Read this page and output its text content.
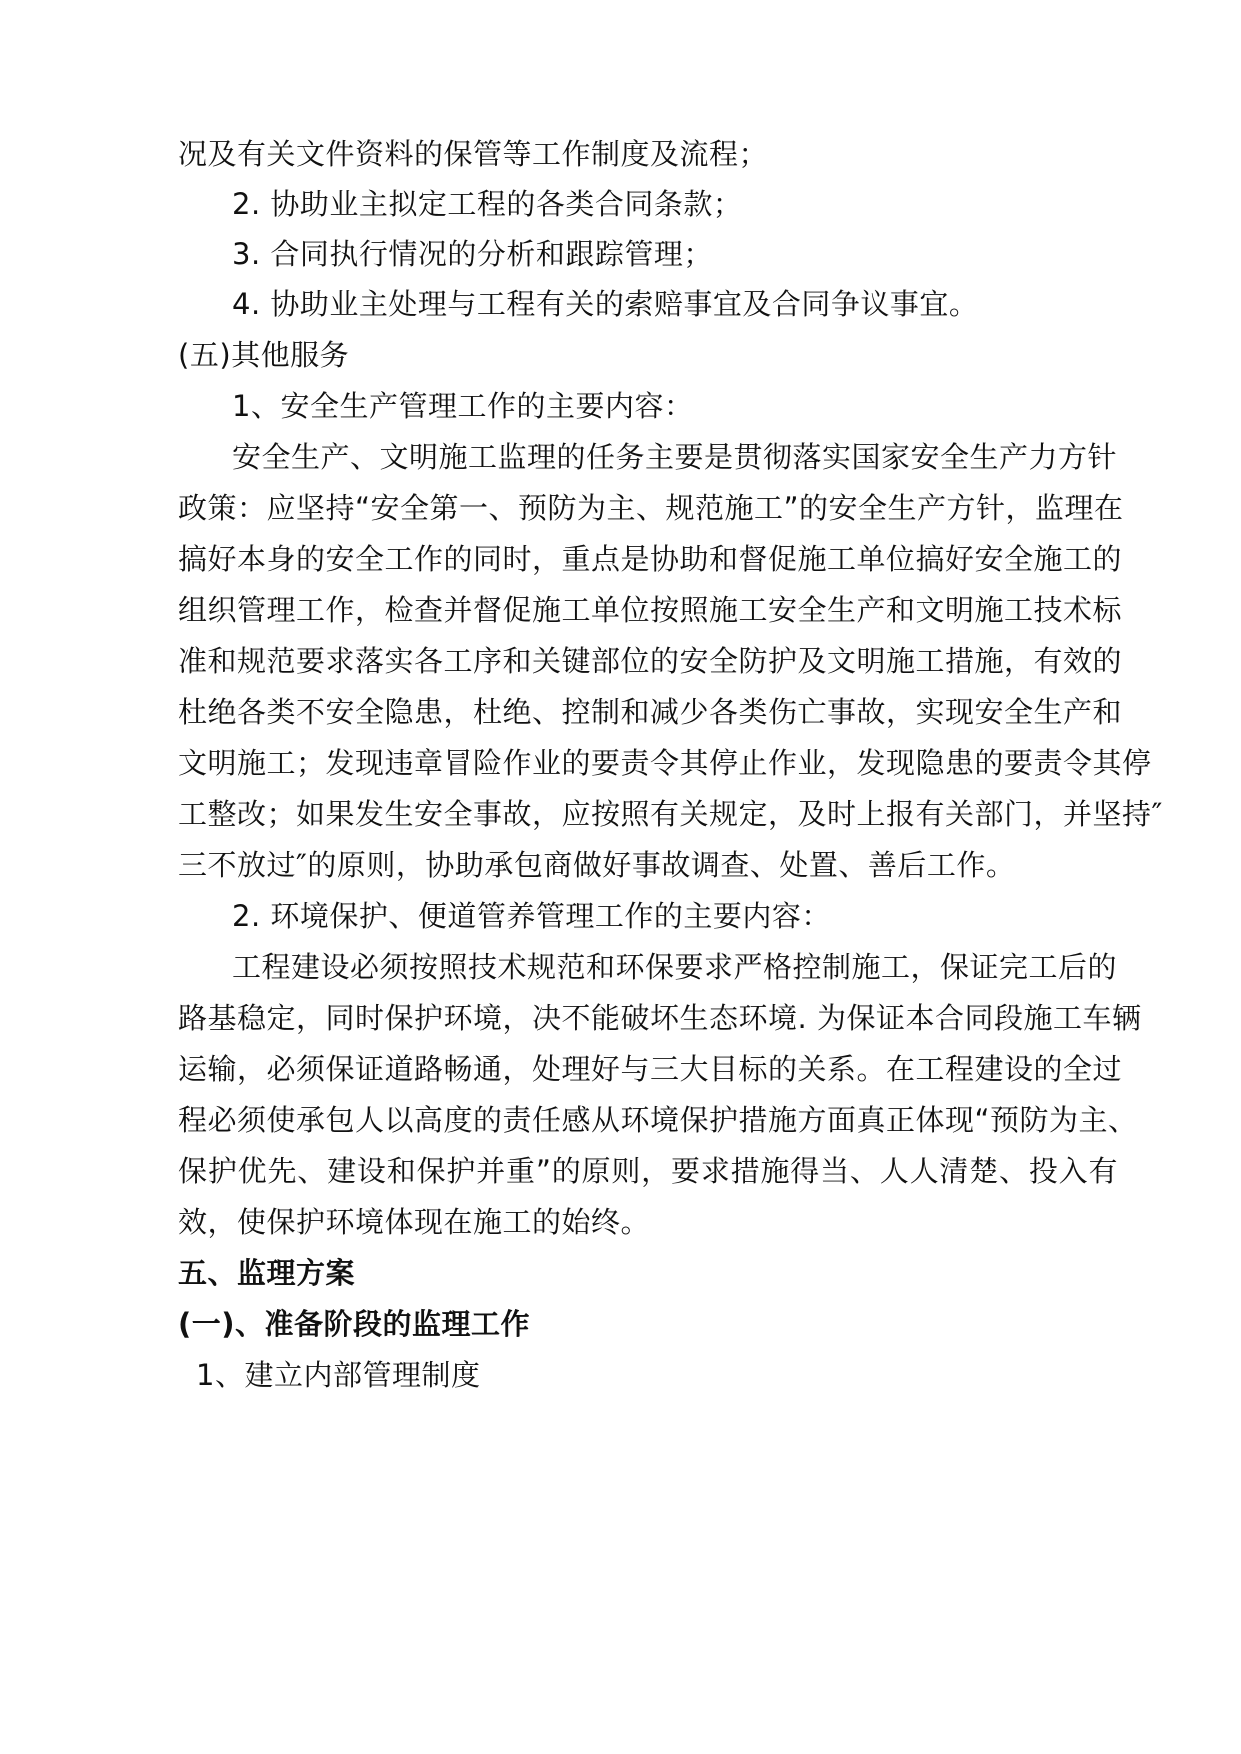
况及有关文件资料的保管等工作制度及流程；
2. 协助业主拟定工程的各类合同条款；
3. 合同执行情况的分析和跟踪管理；
4. 协助业主处理与工程有关的索赔事宜及合同争议事宜。
(五)其他服务
1、安全生产管理工作的主要内容：
安全生产、文明施工监理的任务主要是贯彻落实国家安全生产力方针
政策：应坚持“安全第一、预防为主、规范施工”的安全生产方针，监理在
搞好本身的安全工作的同时，重点是协助和督促施工单位搞好安全施工的
组织管理工作，检查并督促施工单位按照施工安全生产和文明施工技术标
准和规范要求落实各工序和关键部位的安全防护及文明施工措施，有效的
杜绝各类不安全隐患，杜绝、控制和减少各类伤亡事故，实现安全生产和
文明施工；发现违章冒险作业的要责令其停止作业，发现隐患的要责令其停
工整改；如果发生安全事故，应按照有关规定，及时上报有关部门，并坚持″
三不放过″的原则，协助承包商做好事故调查、处置、善后工作。
2. 环境保护、便道管养管理工作的主要内容：
工程建设必须按照技术规范和环保要求严格控制施工，保证完工后的
路基稳定，同时保护环境，决不能破坏生态环境. 为保证本合同段施工车辆
运输，必须保证道路畅通，处理好与三大目标的关系。在工程建设的全过
程必须使承包人以高度的责任感从环境保护措施方面真正体现“预防为主、
保护优先、建设和保护并重”的原则，要求措施得当、人人清楚、投入有
效，使保护环境体现在施工的始终。
五、监理方案
(一)、准备阶段的监理工作
1、建立内部管理制度
